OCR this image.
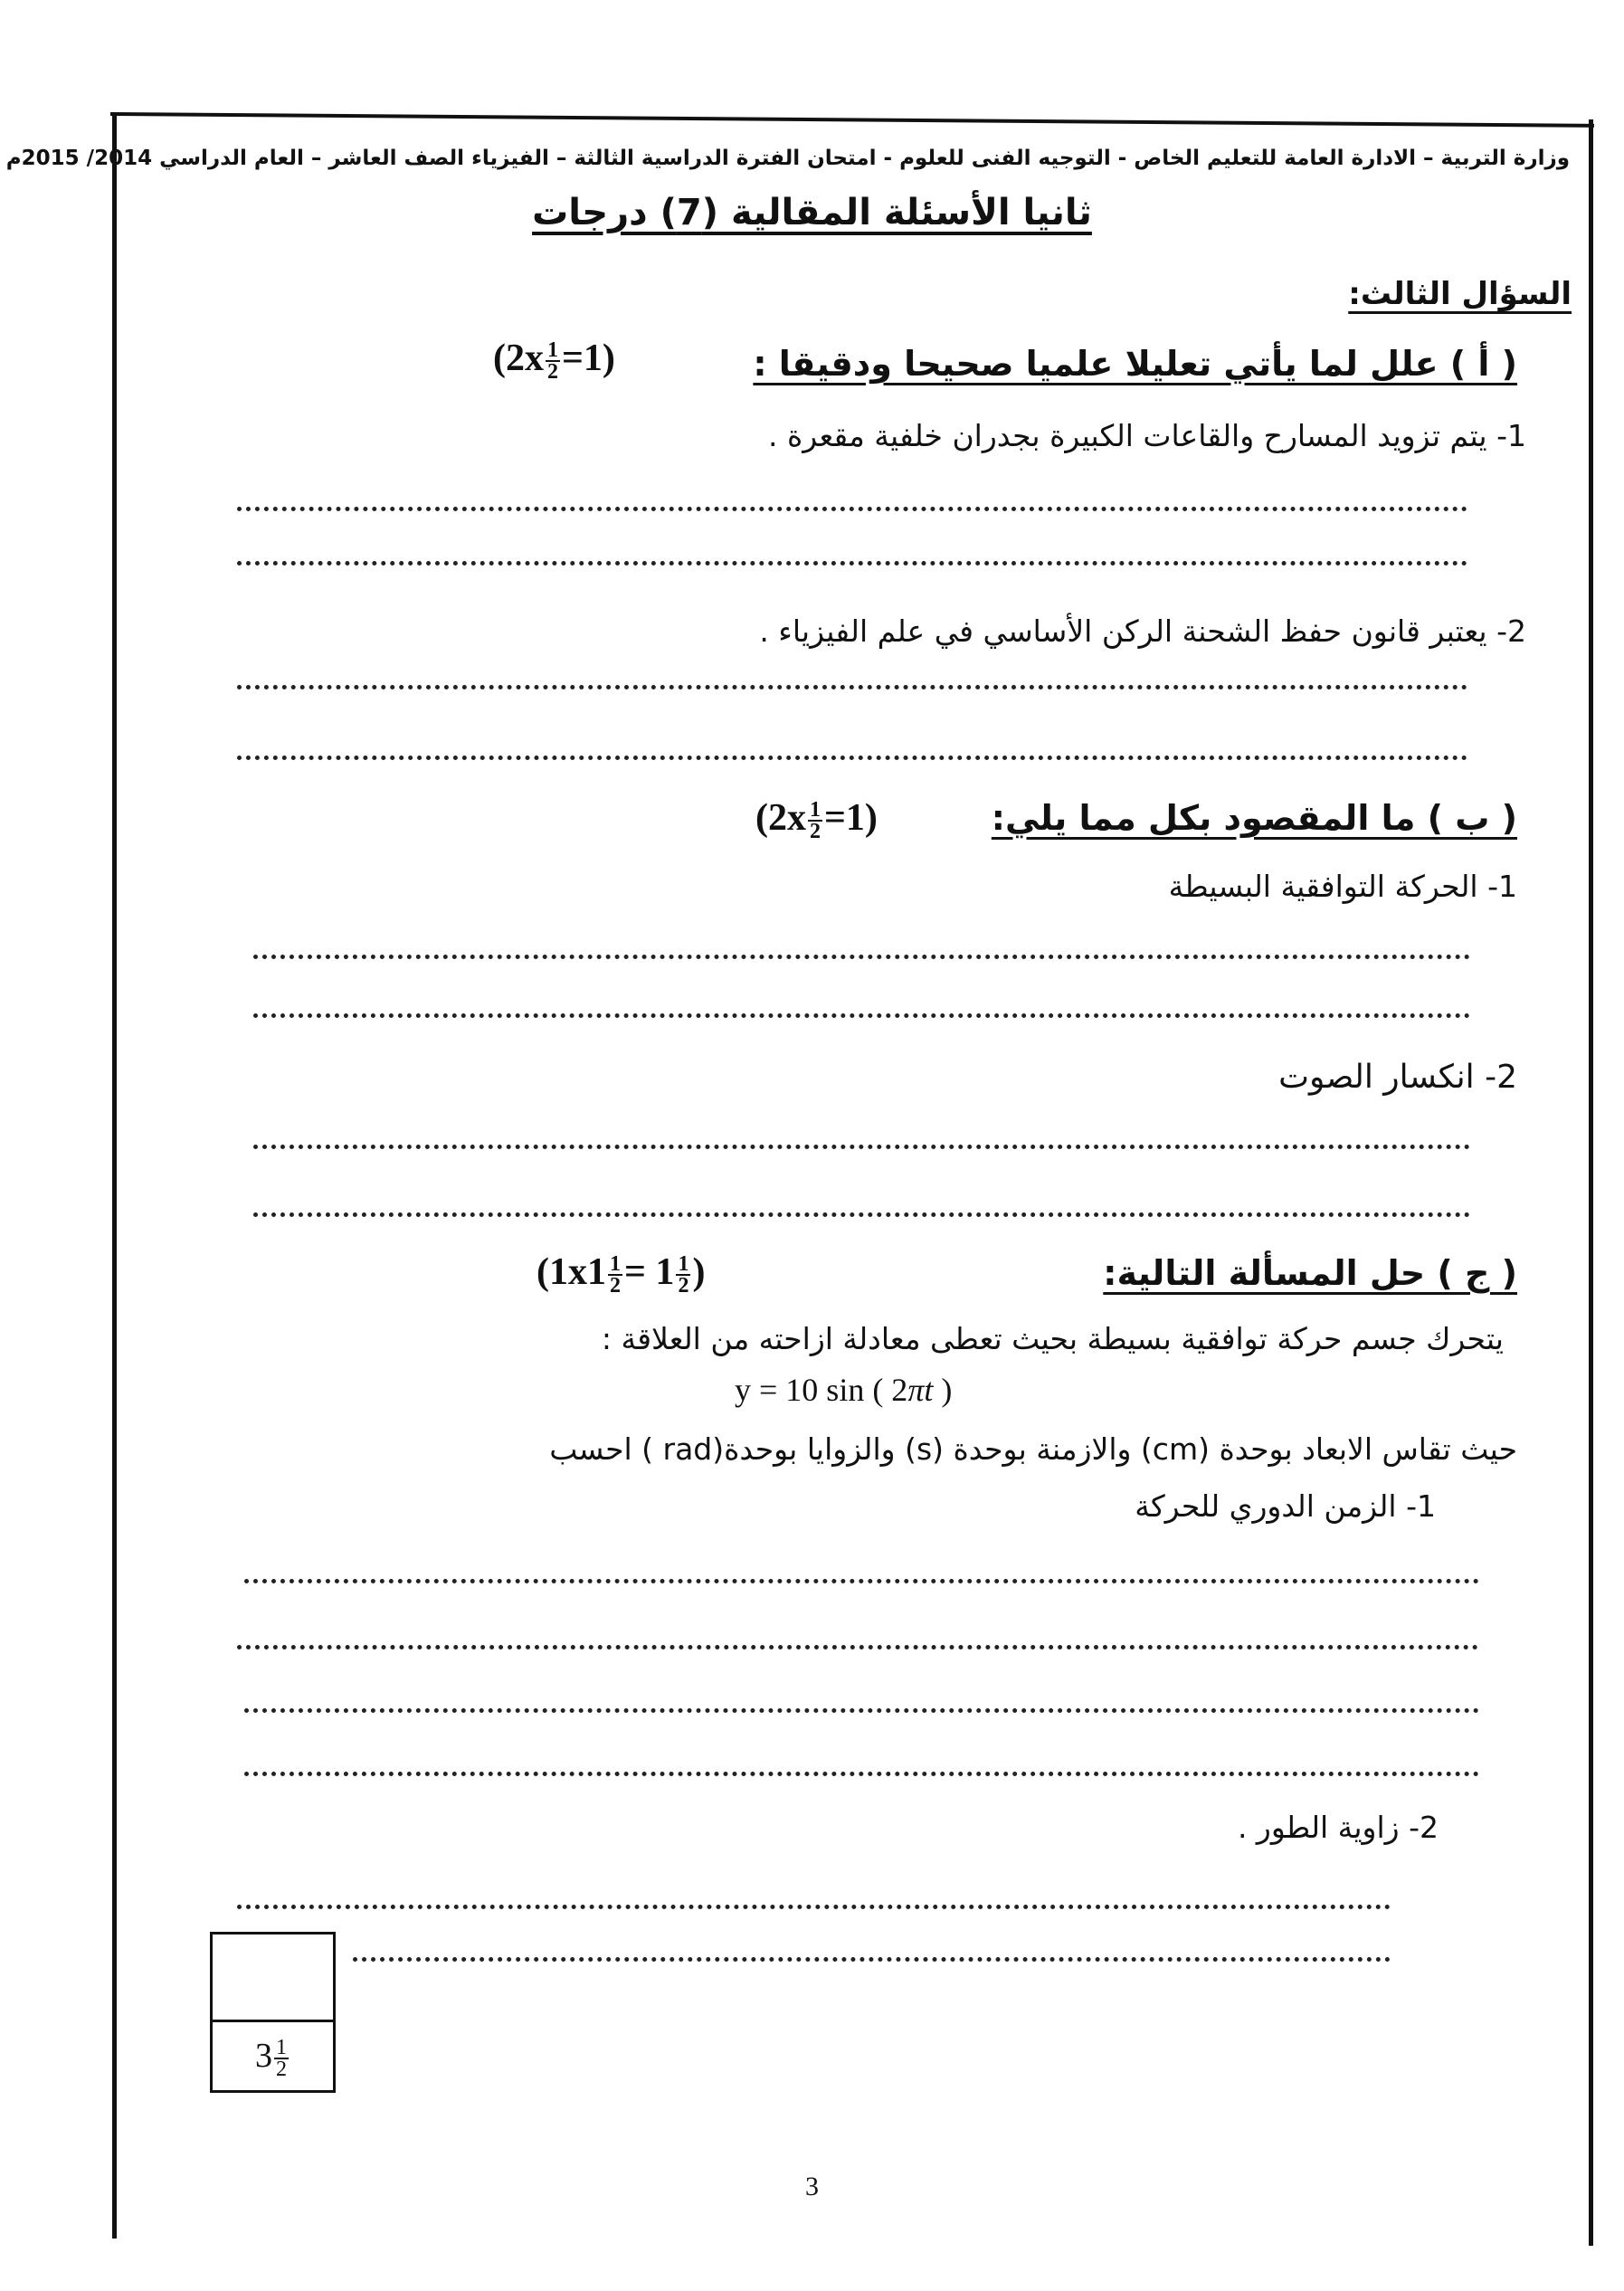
وزارة التربية – الادارة العامة للتعليم الخاص - التوجيه الفنى للعلوم - امتحان الفترة الدراسية الثالثة – الفيزياء الصف العاشر – العام الدراسي 2014/ 2015م
ثانيا الأسئلة المقالية (7) درجات
السؤال الثالث:
( أ ) علل لما يأتي تعليلا علميا صحيحا ودقيقا :
$(2x \frac{1}{2} =1)$
1- يتم تزويد المسارح والقاعات الكبيرة بجدران خلفية مقعرة .
2- يعتبر قانون حفظ الشحنة الركن الأساسي في علم الفيزياء .
( ب ) ما المقصود بكل مما يلي:
$(2x \frac{1}{2} =1)$
1- الحركة التوافقية البسيطة
2- انكسار الصوت
( ج ) حل المسألة التالية:
($1x1 \frac{1}{2} = 1 \frac{1}{2}$ )
يتحرك جسم حركة توافقية بسيطة بحيث تعطى معادلة ازاحته من العلاقة :
y = 10 sin ( 2πt )
حيث تقاس الابعاد بوحدة (cm) والازمنة بوحدة (s) والزوايا بوحدة(rad ) احسب
1- الزمن الدوري للحركة
2- زاوية الطور .
$3 \frac{1}{2}$
3
